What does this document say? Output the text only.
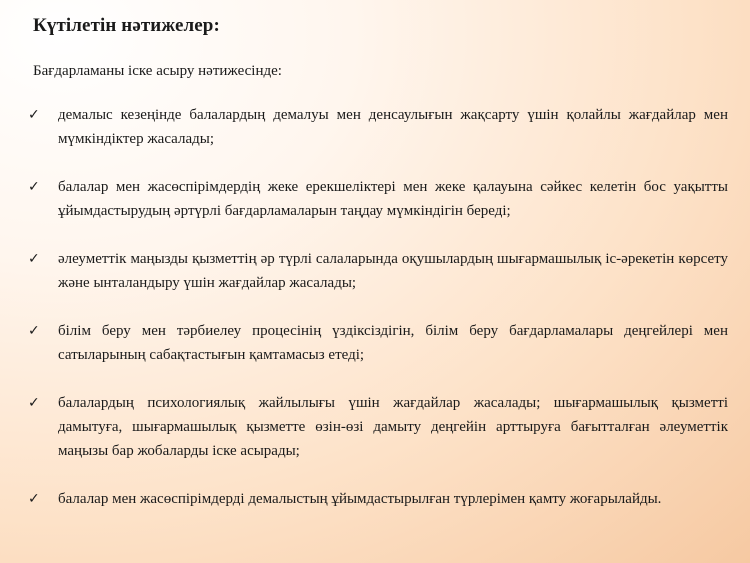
Күтілетін нәтижелер:
Бағдарламаны іске асыру нәтижесінде:
✓ демалыс кезеңінде балалардың демалуы мен денсаулығын жақсарту үшін қолайлы жағдайлар мен мүмкіндіктер жасалады;
✓ балалар мен жасөспірімдердің жеке ерекшеліктері мен жеке қалауына сәйкес келетін бос уақытты ұйымдастырудың әртүрлі бағдарламаларын таңдау мүмкіндігін береді;
✓ әлеуметтік маңызды қызметтің әр түрлі салаларында оқушылардың шығармашылық іс-әрекетін көрсету және ынталандыру үшін жағдайлар жасалады;
✓ білім беру мен тәрбиелеу процесінің үздіксіздігін, білім беру бағдарламалары деңгейлері мен сатыларының сабақтастығын қамтамасыз етеді;
✓ балалардың психологиялық жайлылығы үшін жағдайлар жасалады; шығармашылық қызметті дамытуға, шығармашылық қызметте өзін-өзі дамыту деңгейін арттыруға бағытталған әлеуметтік маңызы бар жобаларды іске асырады;
✓ балалар мен жасөспірімдерді демалыстың ұйымдастырылған түрлерімен қамту жоғарылайды.
